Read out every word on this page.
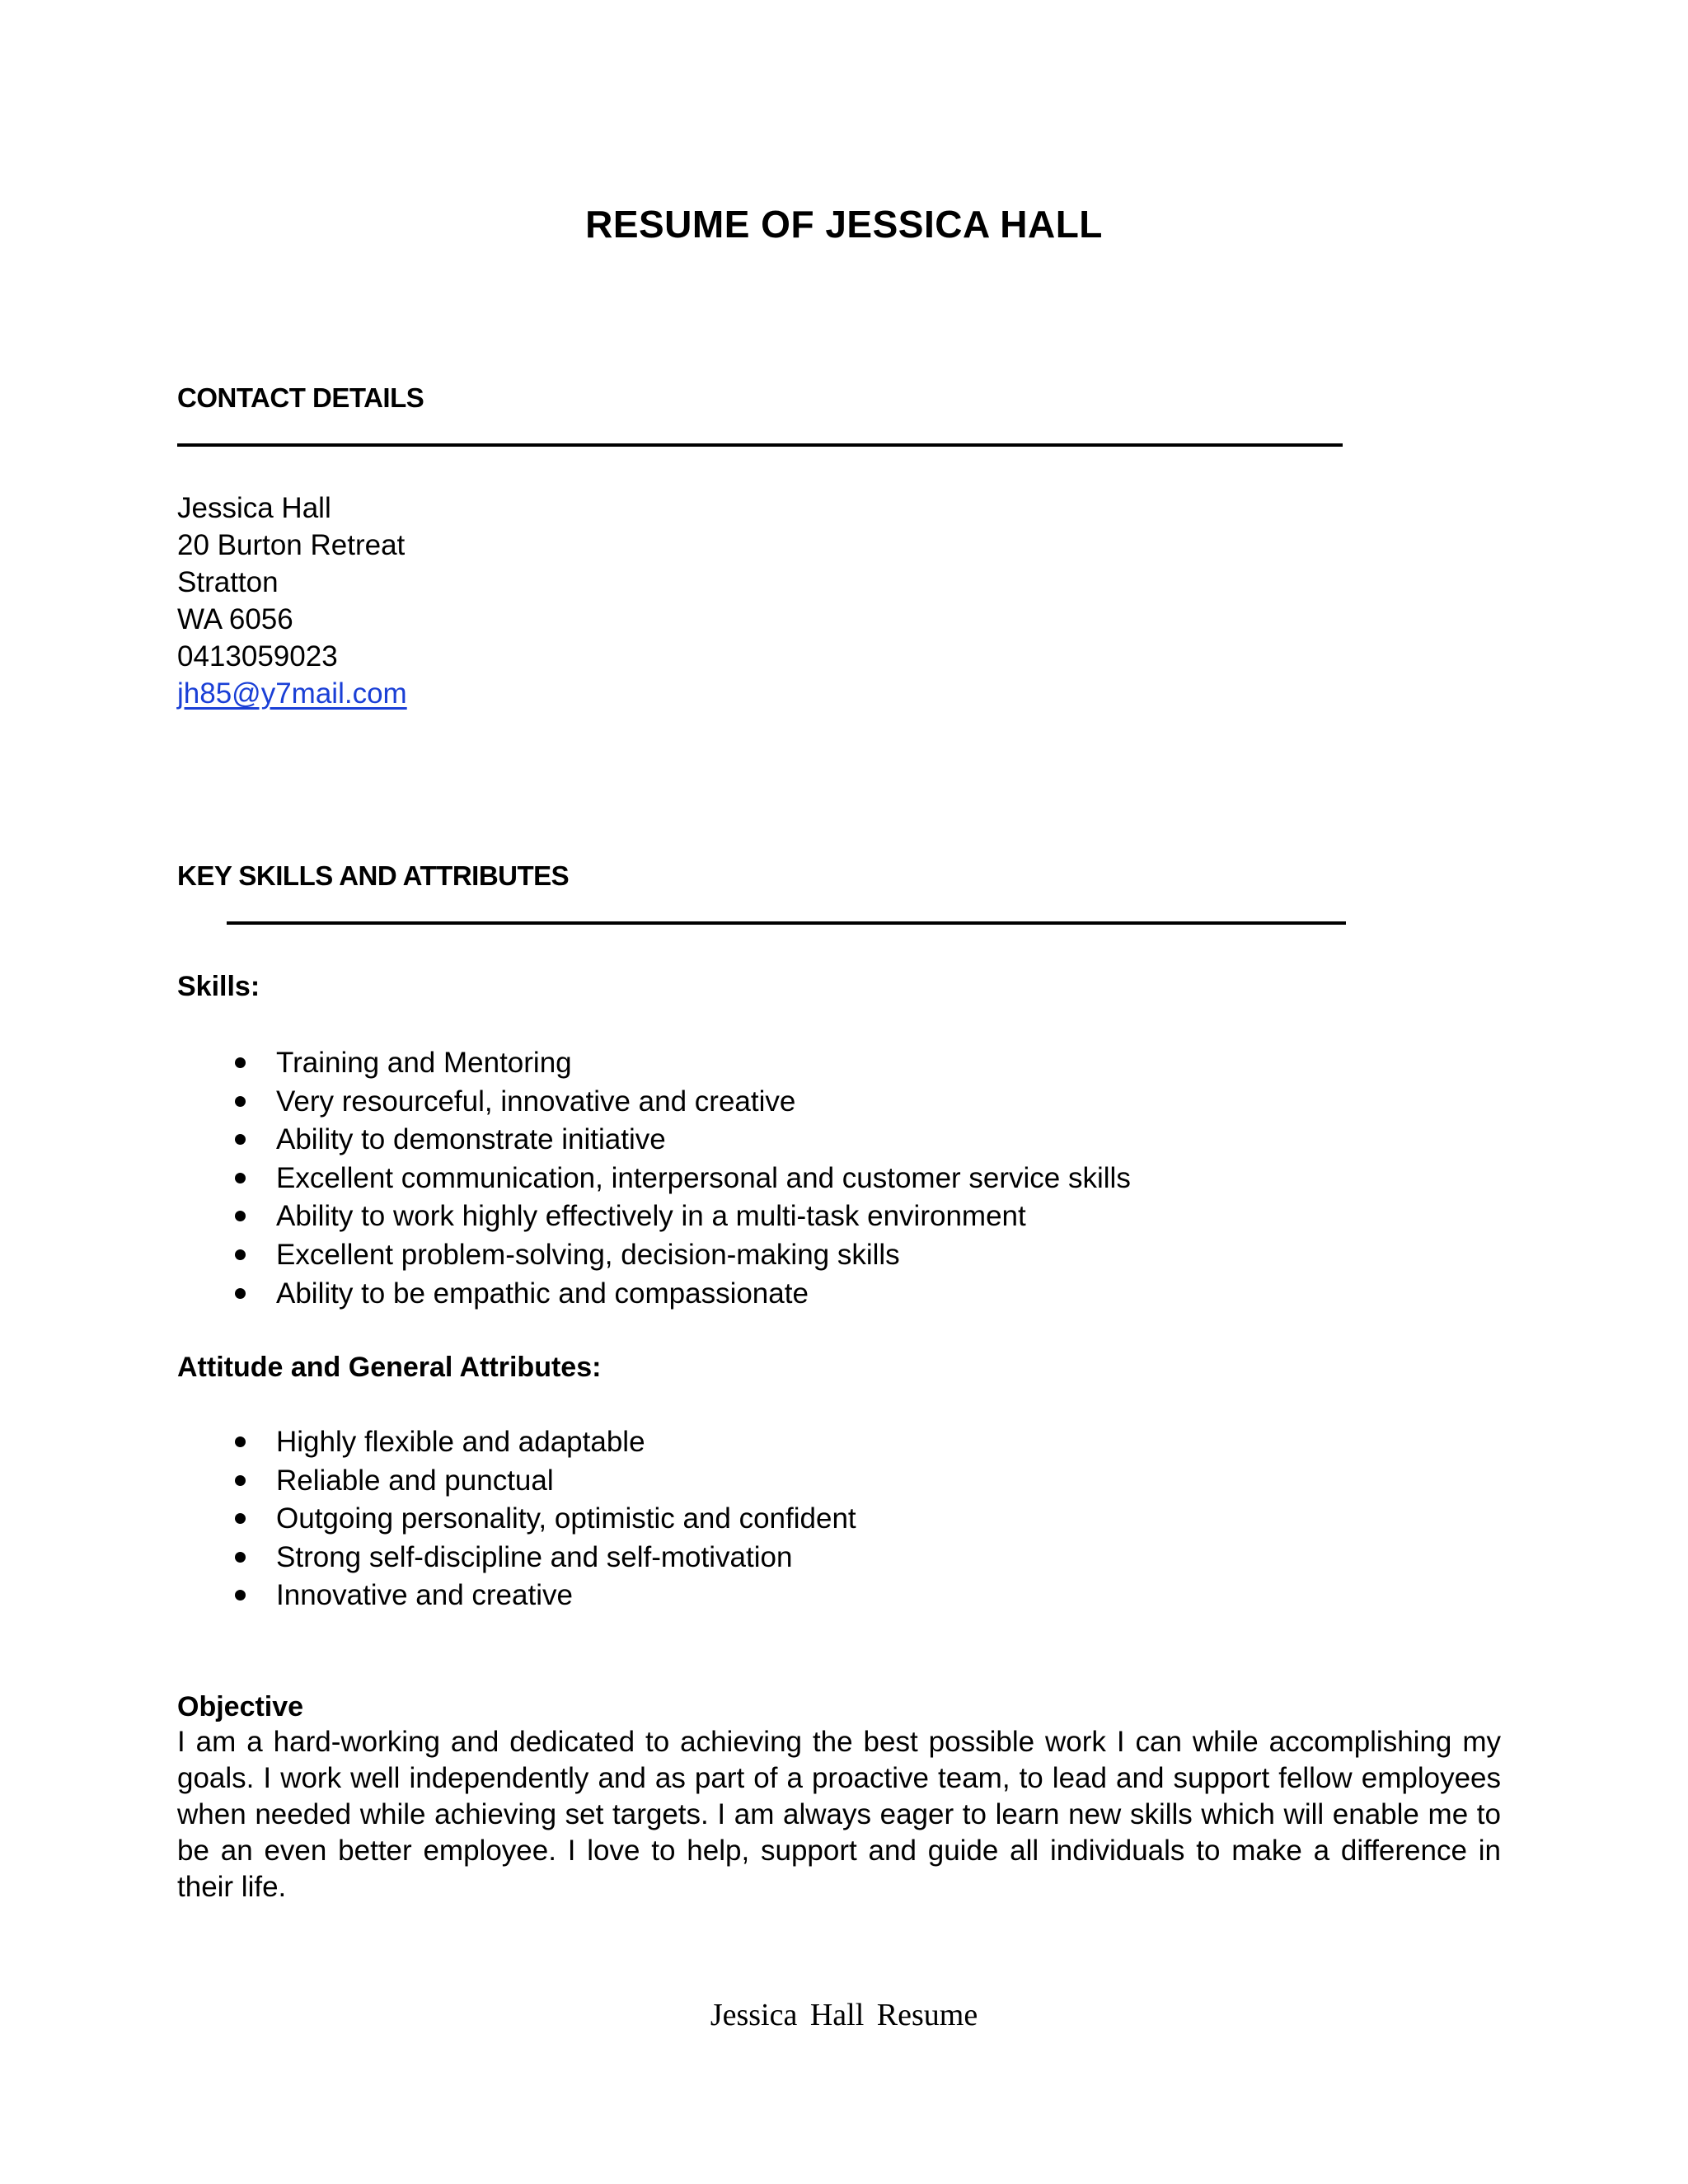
RESUME OF JESSICA HALL
CONTACT DETAILS
Jessica Hall
20 Burton Retreat
Stratton
WA 6056
0413059023
jh85@y7mail.com
KEY SKILLS AND ATTRIBUTES
Skills:
Training and Mentoring
Very resourceful, innovative and creative
Ability to demonstrate initiative
Excellent communication, interpersonal and customer service skills
Ability to work highly effectively in a multi-task environment
Excellent problem-solving, decision-making skills
Ability to be empathic and compassionate
Attitude and General Attributes:
Highly flexible and adaptable
Reliable and punctual
Outgoing personality, optimistic and confident
Strong self-discipline and self-motivation
Innovative and creative
Objective
I am a hard-working and dedicated to achieving the best possible work I can while accomplishing my goals. I work well independently and as part of a proactive team, to lead and support fellow employees when needed while achieving set targets. I am always eager to learn new skills which will enable me to be an even better employee. I love to help, support and guide all individuals to make a difference in their life.
Jessica Hall Resume
